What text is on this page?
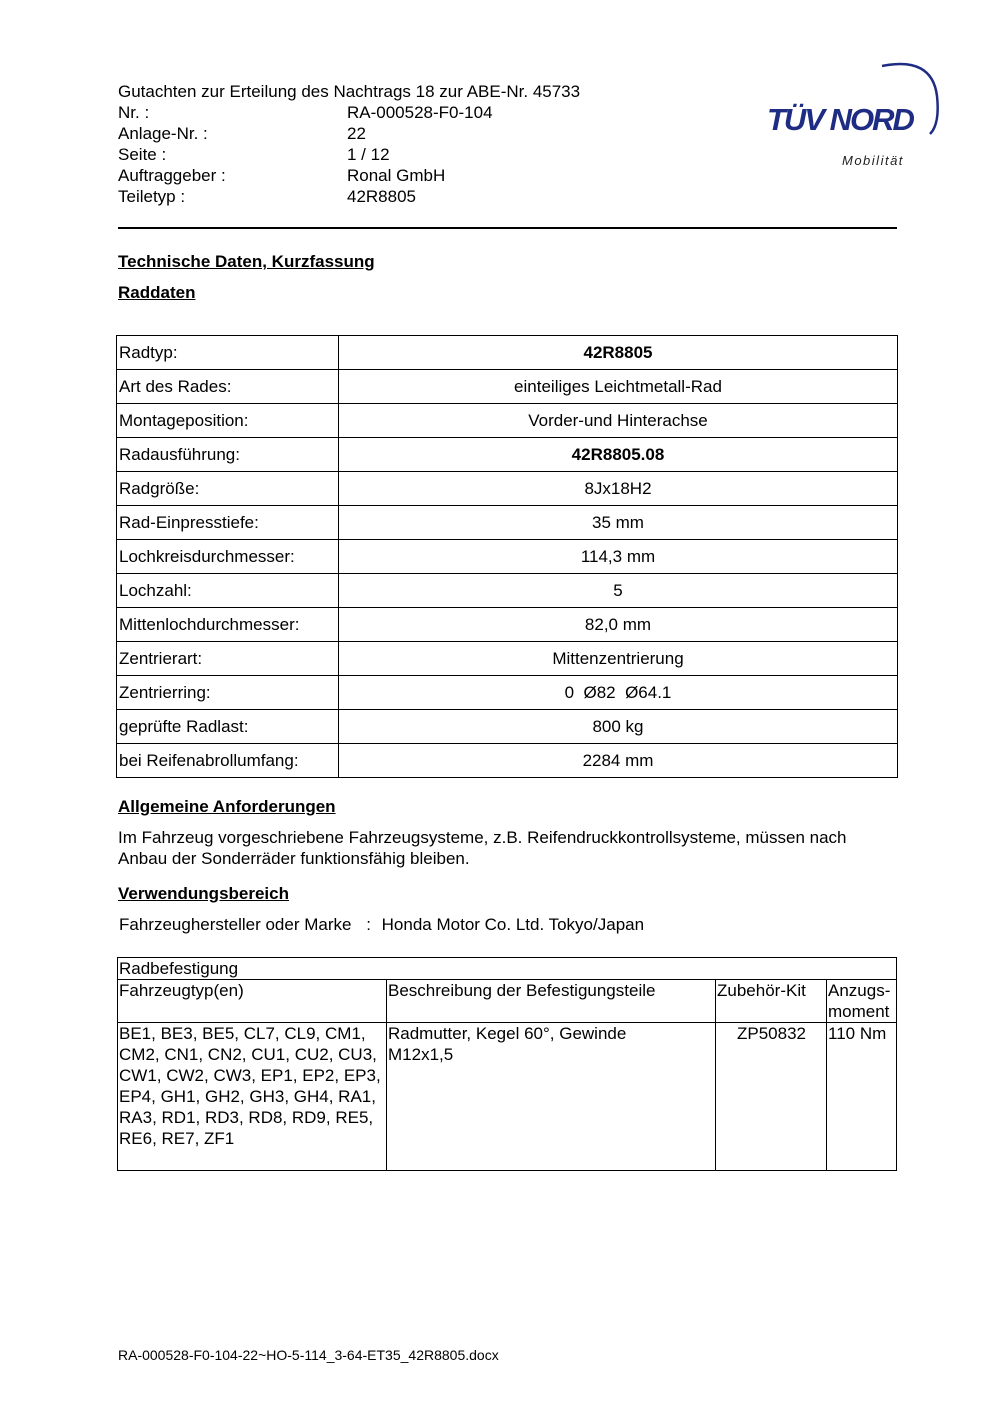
Gutachten zur Erteilung des Nachtrags 18 zur ABE-Nr. 45733
Nr. :	RA-000528-F0-104
Anlage-Nr. :	22
Seite :	1 / 12
Auftraggeber :	Ronal GmbH
Teiletyp :	42R8805
TÜV NORD
Mobilität
Technische Daten, Kurzfassung
Raddaten
Radtyp:	42R8805
Art des Rades:	einteiliges Leichtmetall-Rad
Montageposition:	Vorder-und Hinterachse
Radausführung:	42R8805.08
Radgröße:	8Jx18H2
Rad-Einpresstiefe:	35 mm
Lochkreisdurchmesser:	114,3 mm
Lochzahl:	5
Mittenlochdurchmesser:	82,0 mm
Zentrierart:	Mittenzentrierung
Zentrierring:	0  Ø82  Ø64.1
geprüfte Radlast:	800 kg
bei Reifenabrollumfang:	2284 mm
Allgemeine Anforderungen
Im Fahrzeug vorgeschriebene Fahrzeugsysteme, z.B. Reifendruckkontrollsysteme, müssen nach Anbau der Sonderräder funktionsfähig bleiben.
Verwendungsbereich
Fahrzeughersteller oder Marke : Honda Motor Co. Ltd. Tokyo/Japan
Radbefestigung			
Fahrzeugtyp(en)	Beschreibung der Befestigungsteile	Zubehör-Kit	Anzugs-moment
BE1, BE3, BE5, CL7, CL9, CM1, CM2, CN1, CN2, CU1, CU2, CU3, CW1, CW2, CW3, EP1, EP2, EP3, EP4, GH1, GH2, GH3, GH4, RA1, RA3, RD1, RD3, RD8, RD9, RE5, RE6, RE7, ZF1	Radmutter, Kegel 60°, Gewinde M12x1,5	ZP50832	110 Nm
RA-000528-F0-104-22~HO-5-114_3-64-ET35_42R8805.docx
